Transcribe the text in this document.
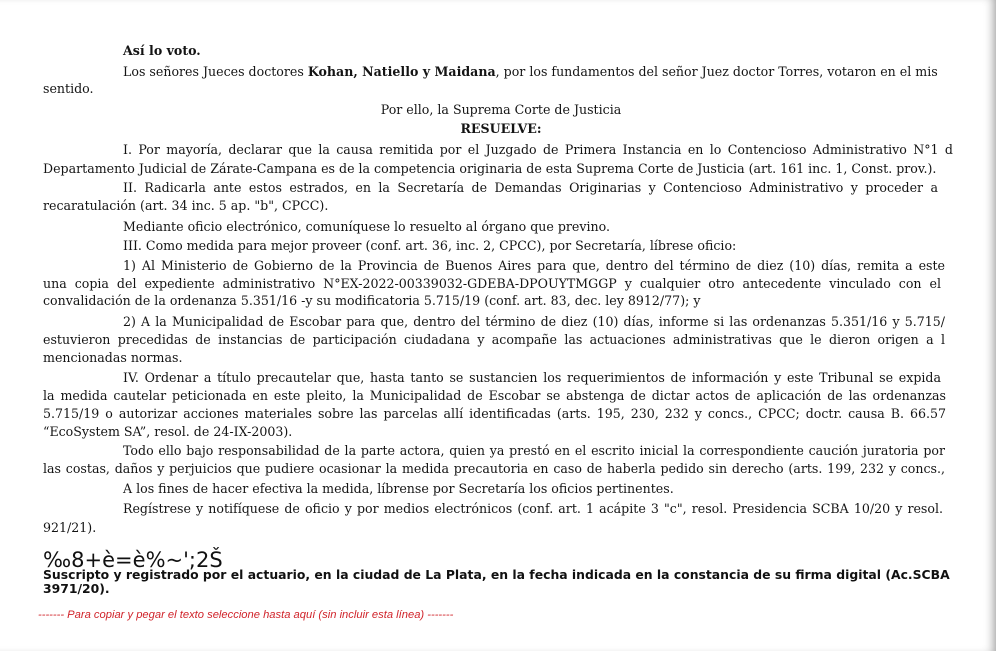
Así lo voto.
Los señores Jueces doctores Kohan, Natiello y Maidana, por los fundamentos del señor Juez doctor Torres, votaron en el mis
sentido.
Por ello, la Suprema Corte de Justicia
RESUELVE:
I. Por mayoría, declarar que la causa remitida por el Juzgado de Primera Instancia en lo Contencioso Administrativo N°1 d
Departamento Judicial de Zárate-Campana es de la competencia originaria de esta Suprema Corte de Justicia (art. 161 inc. 1, Const. prov.).
II. Radicarla ante estos estrados, en la Secretaría de Demandas Originarias y Contencioso Administrativo y proceder a
recaratulación (art. 34 inc. 5 ap. "b", CPCC).
Mediante oficio electrónico, comuníquese lo resuelto al órgano que previno.
III. Como medida para mejor proveer (conf. art. 36, inc. 2, CPCC), por Secretaría, líbrese oficio:
1) Al Ministerio de Gobierno de la Provincia de Buenos Aires para que, dentro del término de diez (10) días, remita a este
una copia del expediente administrativo N°EX-2022-00339032-GDEBA-DPOUYTMGGP y cualquier otro antecedente vinculado con el
convalidación de la ordenanza 5.351/16 -y su modificatoria 5.715/19 (conf. art. 83, dec. ley 8912/77); y
2) A la Municipalidad de Escobar para que, dentro del término de diez (10) días, informe si las ordenanzas 5.351/16 y 5.715/
estuvieron precedidas de instancias de participación ciudadana y acompañe las actuaciones administrativas que le dieron origen a l
mencionadas normas.
IV. Ordenar a título precautelar que, hasta tanto se sustancien los requerimientos de información y este Tribunal se expida
la medida cautelar peticionada en este pleito, la Municipalidad de Escobar se abstenga de dictar actos de aplicación de las ordenanzas
5.715/19 o autorizar acciones materiales sobre las parcelas allí identificadas (arts. 195, 230, 232 y concs., CPCC; doctr. causa B. 66.57
“EcoSystem SA”, resol. de 24-IX-2003).
Todo ello bajo responsabilidad de la parte actora, quien ya prestó en el escrito inicial la correspondiente caución juratoria por
las costas, daños y perjuicios que pudiere ocasionar la medida precautoria en caso de haberla pedido sin derecho (arts. 199, 232 y concs.,
A los fines de hacer efectiva la medida, líbrense por Secretaría los oficios pertinentes.
Regístrese y notifíquese de oficio y por medios electrónicos (conf. art. 1 acápite 3 "c", resol. Presidencia SCBA 10/20 y resol.
921/21).
‰8+è=è%~';2Š
Suscripto y registrado por el actuario, en la ciudad de La Plata, en la fecha indicada en la constancia de su firma digital (Ac.SCBA
3971/20).
------- Para copiar y pegar el texto seleccione hasta aquí (sin incluir esta línea) -------
